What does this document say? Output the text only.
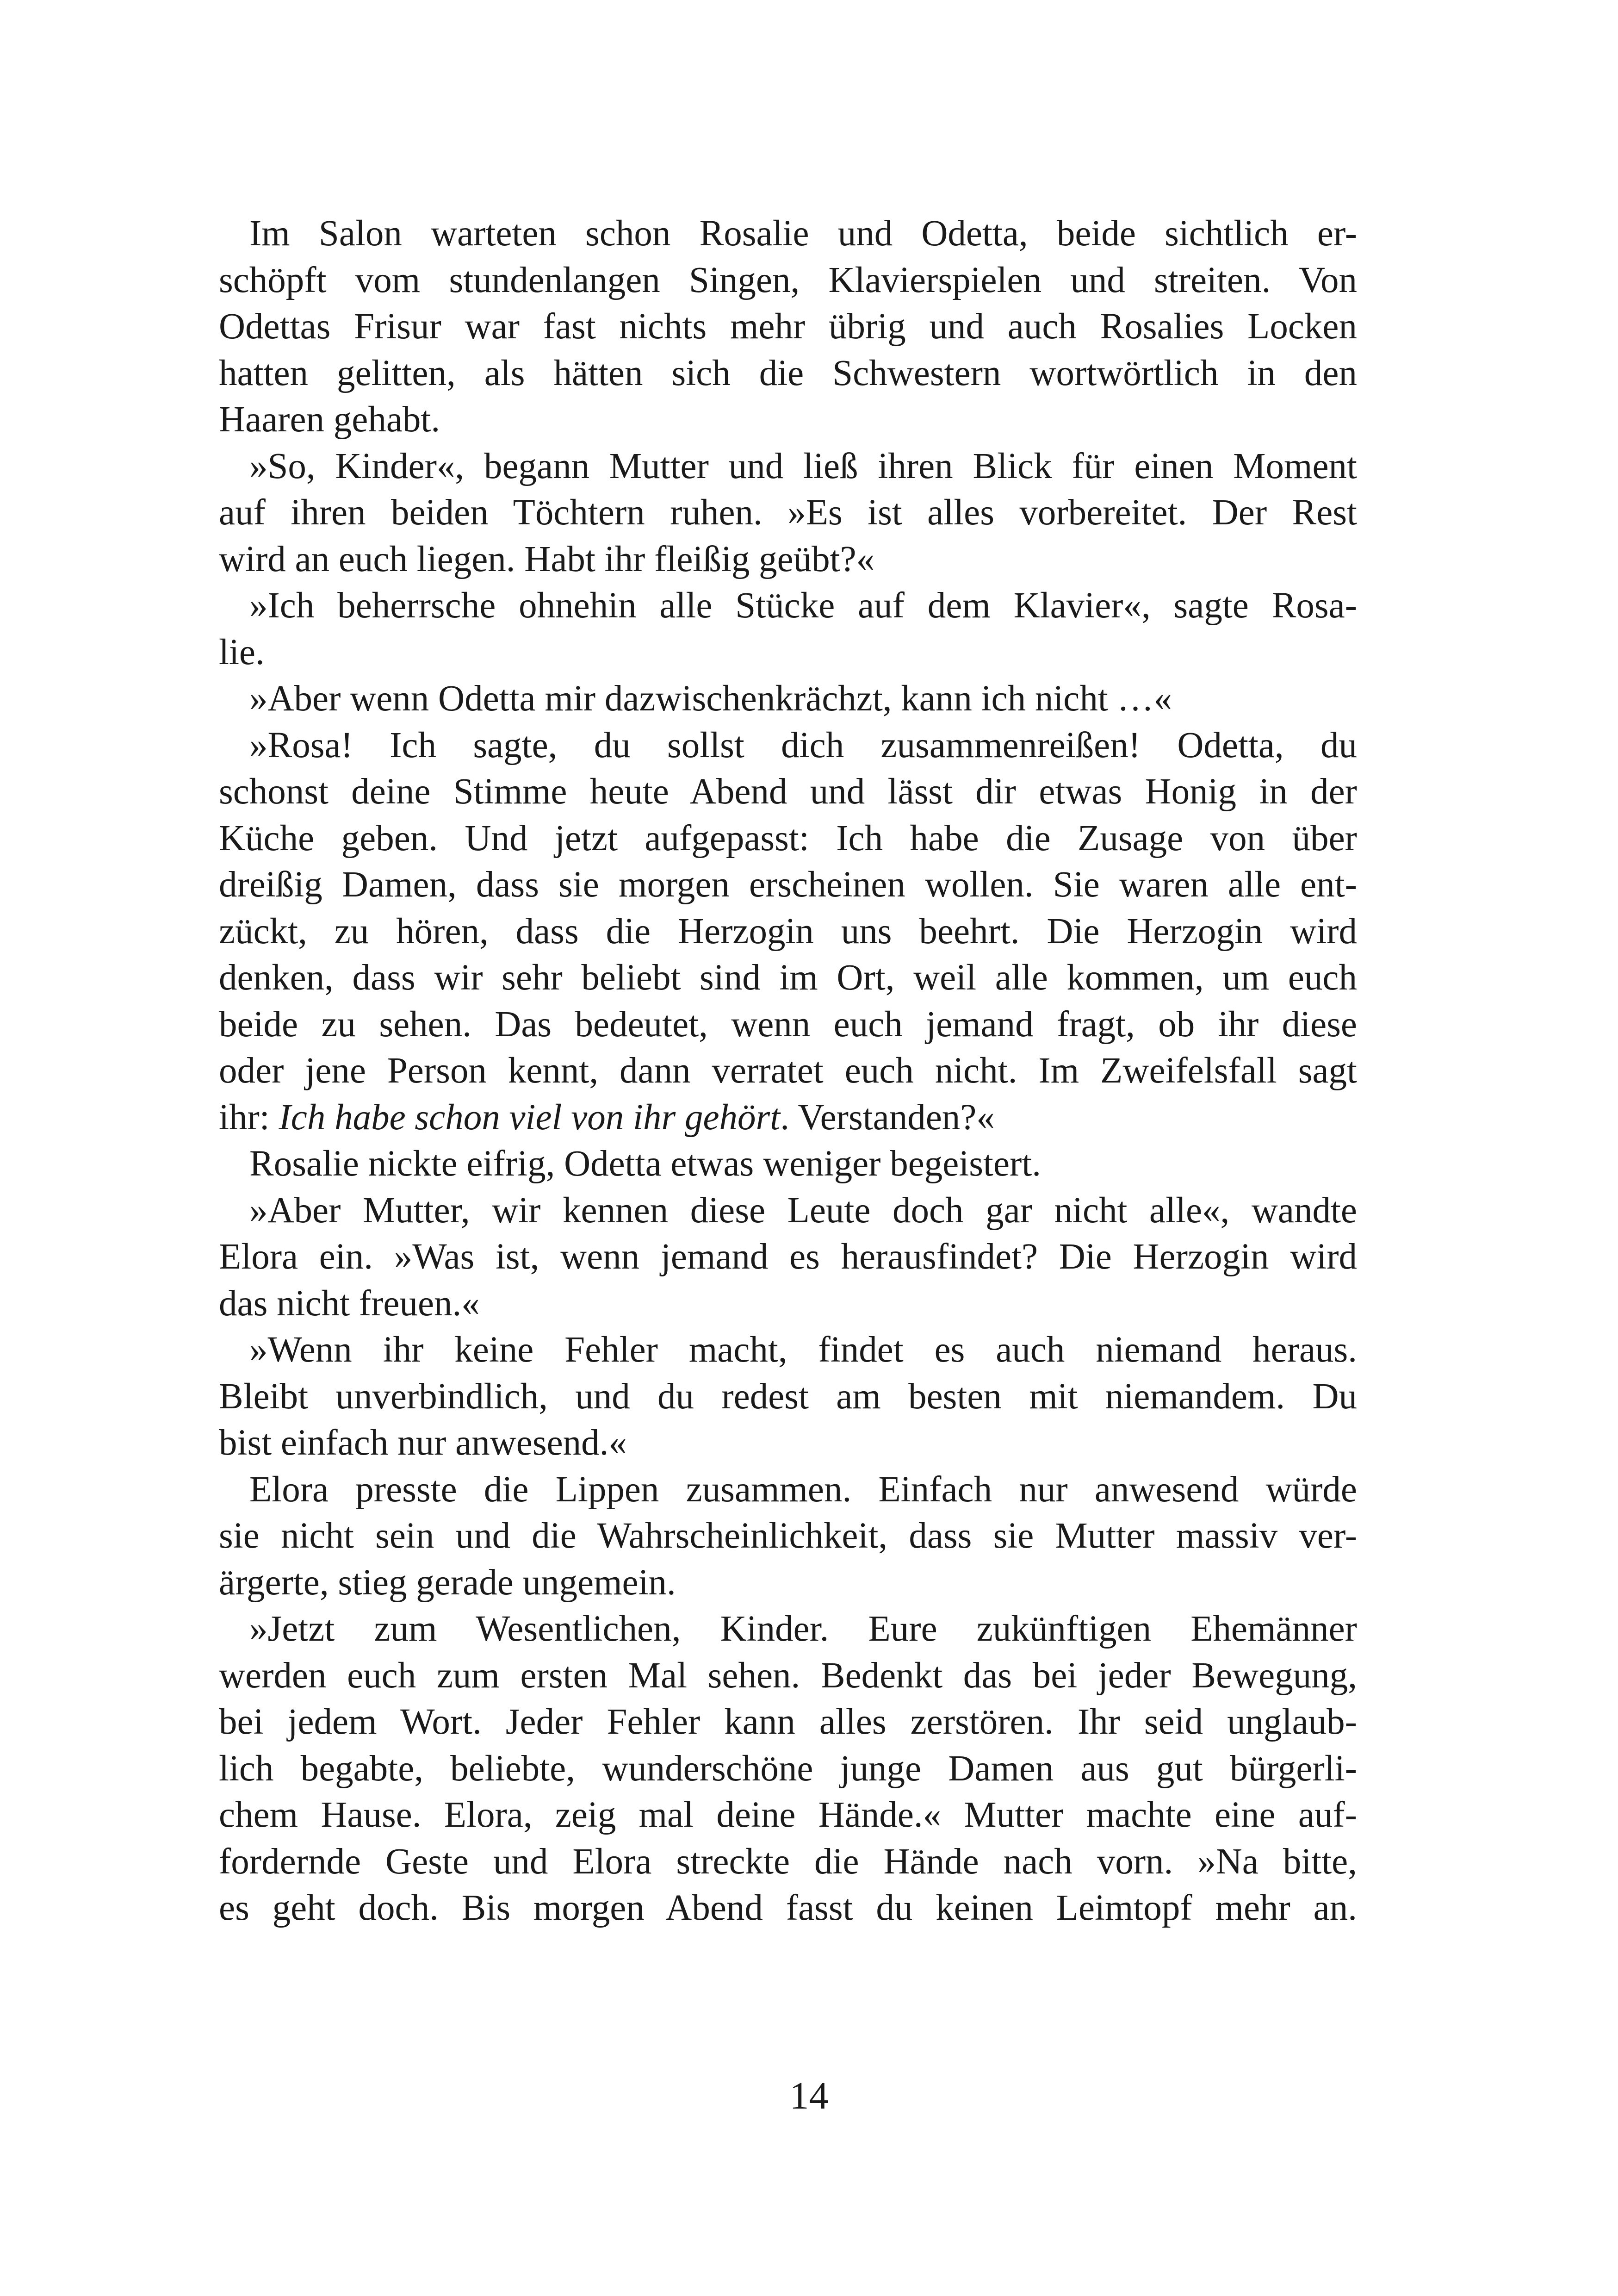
Im Salon warteten schon Rosalie und Odetta, beide sichtlich er-
schöpft vom stundenlangen Singen, Klavierspielen und streiten. Von
Odettas Frisur war fast nichts mehr übrig und auch Rosalies Locken
hatten gelitten, als hätten sich die Schwestern wortwörtlich in den
Haaren gehabt.
»So, Kinder«, begann Mutter und ließ ihren Blick für einen Moment
auf ihren beiden Töchtern ruhen. »Es ist alles vorbereitet. Der Rest
wird an euch liegen. Habt ihr fleißig geübt?«
»Ich beherrsche ohnehin alle Stücke auf dem Klavier«, sagte Rosa-
lie.
»Aber wenn Odetta mir dazwischenkrächzt, kann ich nicht …«
»Rosa! Ich sagte, du sollst dich zusammenreißen! Odetta, du
schonst deine Stimme heute Abend und lässt dir etwas Honig in der
Küche geben. Und jetzt aufgepasst: Ich habe die Zusage von über
dreißig Damen, dass sie morgen erscheinen wollen. Sie waren alle ent-
zückt, zu hören, dass die Herzogin uns beehrt. Die Herzogin wird
denken, dass wir sehr beliebt sind im Ort, weil alle kommen, um euch
beide zu sehen. Das bedeutet, wenn euch jemand fragt, ob ihr diese
oder jene Person kennt, dann verratet euch nicht. Im Zweifelsfall sagt
ihr: Ich habe schon viel von ihr gehört. Verstanden?«
Rosalie nickte eifrig, Odetta etwas weniger begeistert.
»Aber Mutter, wir kennen diese Leute doch gar nicht alle«, wandte
Elora ein. »Was ist, wenn jemand es herausfindet? Die Herzogin wird
das nicht freuen.«
»Wenn ihr keine Fehler macht, findet es auch niemand heraus.
Bleibt unverbindlich, und du redest am besten mit niemandem. Du
bist einfach nur anwesend.«
Elora presste die Lippen zusammen. Einfach nur anwesend würde
sie nicht sein und die Wahrscheinlichkeit, dass sie Mutter massiv ver-
ärgerte, stieg gerade ungemein.
»Jetzt zum Wesentlichen, Kinder. Eure zukünftigen Ehemänner
werden euch zum ersten Mal sehen. Bedenkt das bei jeder Bewegung,
bei jedem Wort. Jeder Fehler kann alles zerstören. Ihr seid unglaub-
lich begabte, beliebte, wunderschöne junge Damen aus gut bürgerli-
chem Hause. Elora, zeig mal deine Hände.« Mutter machte eine auf-
fordernde Geste und Elora streckte die Hände nach vorn. »Na bitte,
es geht doch. Bis morgen Abend fasst du keinen Leimtopf mehr an.
14
